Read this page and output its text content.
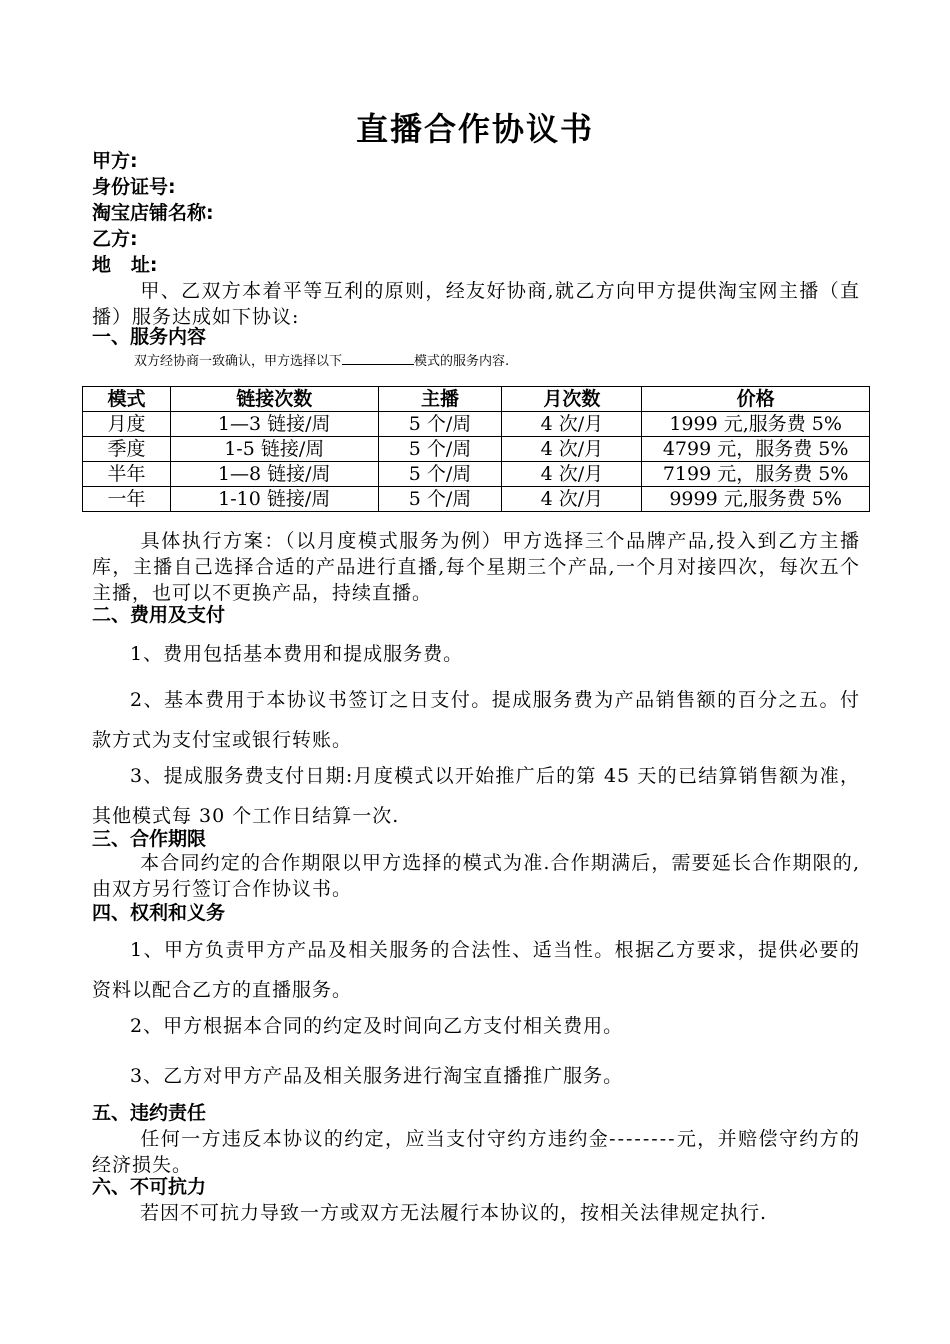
直播合作协议书
甲方:
身份证号:
淘宝店铺名称:
乙方:
地   址:
甲、乙双方本着平等互利的原则，经友好协商,就乙方向甲方提供淘宝网主播（直播）服务达成如下协议:
一、服务内容
双方经协商一致确认，甲方选择以下	模式的服务内容.
模式	链接次数	主播	月次数	价格
月度	1—3 链接/周	5 个/周	4 次/月	1999 元,服务费 5%
季度	1-5 链接/周	5 个/周	4 次/月	4799 元，服务费 5%
半年	1—8 链接/周	5 个/周	4 次/月	7199 元，服务费 5%
一年	1-10 链接/周	5 个/周	4 次/月	9999 元,服务费 5%
具体执行方案：（以月度模式服务为例）甲方选择三个品牌产品,投入到乙方主播库，主播自己选择合适的产品进行直播,每个星期三个产品,一个月对接四次，每次五个主播，也可以不更换产品，持续直播。
二、费用及支付
1、费用包括基本费用和提成服务费。
2、基本费用于本协议书签订之日支付。提成服务费为产品销售额的百分之五。付款方式为支付宝或银行转账。
3、提成服务费支付日期:月度模式以开始推广后的第 45 天的已结算销售额为准，其他模式每 30 个工作日结算一次.
三、合作期限
本合同约定的合作期限以甲方选择的模式为准.合作期满后，需要延长合作期限的,由双方另行签订合作协议书。
四、权利和义务
1、甲方负责甲方产品及相关服务的合法性、适当性。根据乙方要求，提供必要的资料以配合乙方的直播服务。
2、甲方根据本合同的约定及时间向乙方支付相关费用。
3、乙方对甲方产品及相关服务进行淘宝直播推广服务。
五、违约责任
任何一方违反本协议的约定，应当支付守约方违约金--------元，并赔偿守约方的经济损失。
六、不可抗力
若因不可抗力导致一方或双方无法履行本协议的，按相关法律规定执行.
